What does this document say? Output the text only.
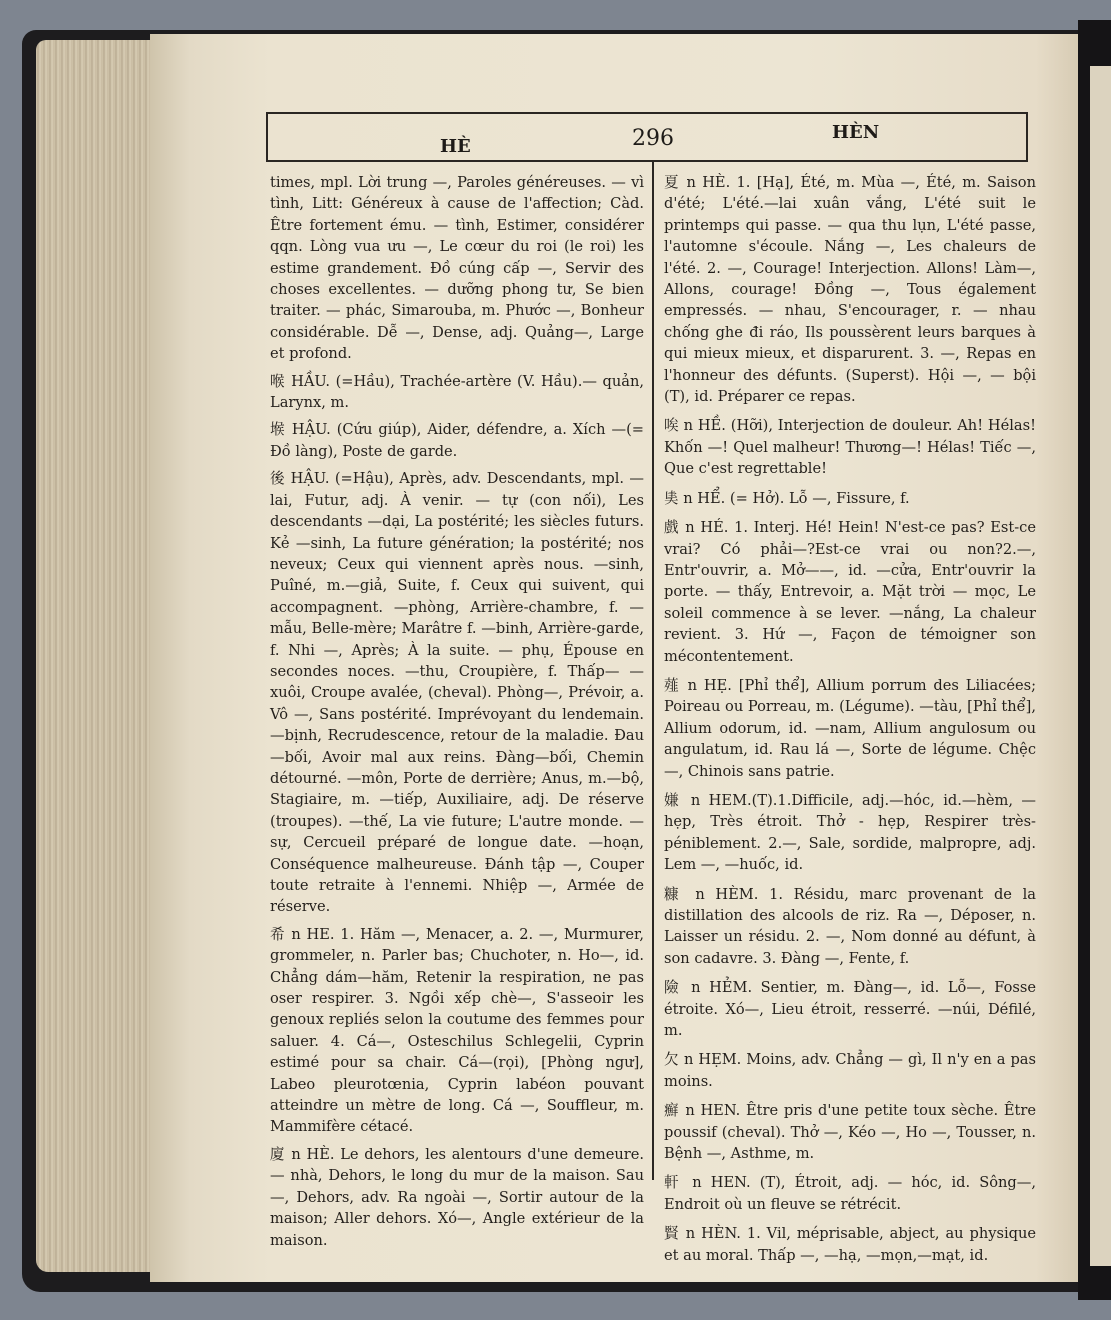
HÈ	296	HÈN

times, mpl. Lời trung —, Paroles généreuses. — vì tình, Litt: Généreux à cause de l'affection; Càd. Être fortement ému. — tình, Estimer, considérer qqn. Lòng vua ưu —, Le cœur du roi (le roi) les estime grandement. Đồ cúng cấp —, Servir des choses excellentes. — dưỡng phong tư, Se bien traiter. — phác, Simarouba, m. Phước —, Bonheur considérable. Dễ —, Dense, adj. Quảng—, Large et profond.

喉 HẦU. (=Hầu), Trachée-artère (V. Hầu).— quản, Larynx, m.

堠 HẬU. (Cứu giúp), Aider, défendre, a. Xích —(= Đồ làng), Poste de garde.

後 HẬU. (=Hậu), Après, adv. Descendants, mpl. —lai, Futur, adj. À venir. — tự (con nối), Les descendants —dại, La postérité; les siècles futurs. Kẻ —sinh, La future génération; la postérité; nos neveux; Ceux qui viennent après nous. —sinh, Puîné, m.—giả, Suite, f. Ceux qui suivent, qui accompagnent. —phòng, Arrière-chambre, f. —mẫu, Belle-mère; Marâtre f. —binh, Arrière-garde, f. Nhi —, Après; À la suite. — phụ, Épouse en secondes noces. —thu, Croupière, f. Thấp— —xuôi, Croupe avalée, (cheval). Phòng—, Prévoir, a. Vô —, Sans postérité. Imprévoyant du lendemain. —bịnh, Recrudescence, retour de la maladie. Đau—bối, Avoir mal aux reins. Đàng—bối, Chemin détourné. —môn, Porte de derrière; Anus, m.—bộ, Stagiaire, m. —tiếp, Auxiliaire, adj. De réserve (troupes). —thế, La vie future; L'autre monde. — sự, Cercueil préparé de longue date. —hoạn, Conséquence malheureuse. Đánh tập —, Couper toute retraite à l'ennemi. Nhiệp —, Armée de réserve.

希 n HE. 1. Hăm —, Menacer, a. 2. —, Murmurer, grommeler, n. Parler bas; Chuchoter, n. Ho—, id. Chẳng dám—hăm, Retenir la respiration, ne pas oser respirer. 3. Ngồi xếp chè—, S'asseoir les genoux repliés selon la coutume des femmes pour saluer. 4. Cá—, Osteschilus Schlegelii, Cyprin estimé pour sa chair. Cá—(rọi), [Phòng ngư], Labeo pleurotœnia, Cyprin labéon pouvant atteindre un mètre de long. Cá —, Souffleur, m. Mammifère cétacé.

廈 n HÈ. Le dehors, les alentours d'une demeure. — nhà, Dehors, le long du mur de la maison. Sau—, Dehors, adv. Ra ngoài —, Sortir autour de la maison; Aller dehors. Xó—, Angle extérieur de la maison.

夏 n HÈ. 1. [Hạ], Été, m. Mùa —, Été, m. Saison d'été; L'été.—lai xuân vắng, L'été suit le printemps qui passe. — qua thu lụn, L'été passe, l'automne s'écoule. Nắng —, Les chaleurs de l'été. 2. —, Courage! Interjection. Allons! Làm—, Allons, courage! Đồng —, Tous également empressés. — nhau, S'encourager, r. — nhau chống ghe đi ráo, Ils poussèrent leurs barques à qui mieux mieux, et disparurent. 3. —, Repas en l'honneur des défunts. (Superst). Hội —, — bội (T), id. Préparer ce repas.

唉 n HỀ. (Hỡi), Interjection de douleur. Ah! Hélas! Khốn —! Quel malheur! Thương—! Hélas! Tiếc —, Que c'est regrettable!

奊 n HỂ. (= Hở). Lỗ —, Fissure, f.

戲 n HÉ. 1. Interj. Hé! Hein! N'est-ce pas? Est-ce vrai? Có phải—?Est-ce vrai ou non?2.—, Entr'ouvrir, a. Mở——, id. —cửa, Entr'ouvrir la porte. — thấy, Entrevoir, a. Mặt trời — mọc, Le soleil commence à se lever. —nắng, La chaleur revient. 3. Hứ —, Façon de témoigner son mécontentement.

薤 n HẸ. [Phỉ thể], Allium porrum des Liliacées; Poireau ou Porreau, m. (Légume). —tàu, [Phỉ thể], Allium odorum, id. —nam, Allium angulosum ou angulatum, id. Rau lá —, Sorte de légume. Chệc —, Chinois sans patrie.

嫌 n HEM.(T).1.Difficile, adj.—hóc, id.—hèm, —hẹp, Très étroit. Thở - hẹp, Respirer très-péniblement. 2.—, Sale, sordide, malpropre, adj. Lem —, —huốc, id.

糠 n HÈM. 1. Résidu, marc provenant de la distillation des alcools de riz. Ra —, Déposer, n. Laisser un résidu. 2. —, Nom donné au défunt, à son cadavre. 3. Đàng —, Fente, f.

險 n HẺM. Sentier, m. Đàng—, id. Lỗ—, Fosse étroite. Xó—, Lieu étroit, resserré. —núi, Défilé, m.

欠 n HẸM. Moins, adv. Chẳng — gì, Il n'y en a pas moins.

癬 n HEN. Être pris d'une petite toux sèche. Être poussif (cheval). Thở —, Kéo —, Ho —, Tousser, n. Bệnh —, Asthme, m.

軒 n HEN. (T), Étroit, adj. — hóc, id. Sông—, Endroit où un fleuve se rétrécit.

賢 n HÈN. 1. Vil, méprisable, abject, au physique et au moral. Thấp —, —hạ, —mọn,—mạt, id.
